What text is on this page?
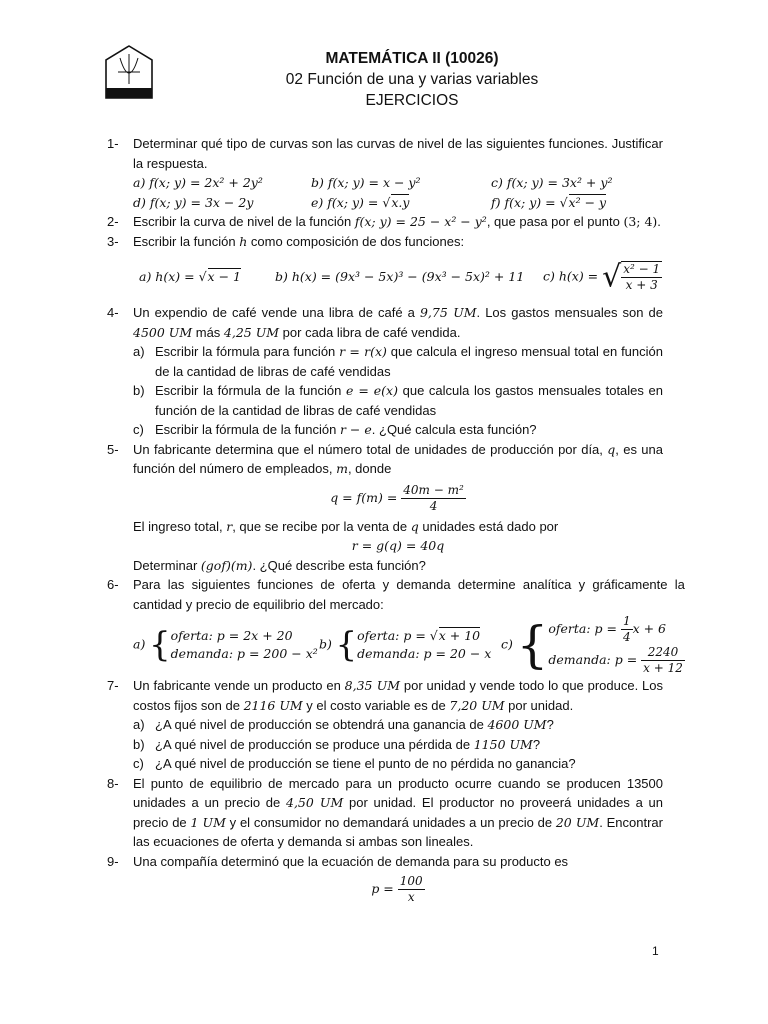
MATEMÁTICA II (10026)
02 Función de una y varias variables
EJERCICIOS
1-	Determinar qué tipo de curvas son las curvas de nivel de las siguientes funciones. Justificar la respuesta.
a) f(x; y) = 2x² + 2y²	b) f(x; y) = x − y²	c) f(x; y) = 3x² + y²
d) f(x; y) = 3x − 2y	e) f(x; y) = √x.y	f) f(x; y) = √x² − y
2-	Escribir la curva de nivel de la función f(x; y) = 25 − x² − y², que pasa por el punto (3; 4).
3-	Escribir la función h como composición de dos funciones:
a) h(x) = √x − 1	b) h(x) = (9x³ − 5x)³ − (9x³ − 5x)² + 11	c) h(x) = √ $\frac{\text{x² − 1}}{x + 3}$
4-	Un expendio de café vende una libra de café a 9,75 UM. Los gastos mensuales son de 4500 UM más 4,25 UM por cada libra de café vendida.
a) Escribir la fórmula para función r = r(x) que calcula el ingreso mensual total en función de la cantidad de libras de café vendidas
b) Escribir la fórmula de la función e = e(x) que calcula los gastos mensuales totales en función de la cantidad de libras de café vendidas
c) Escribir la fórmula de la función r − e. ¿Qué calcula esta función?
5-	Un fabricante determina que el número total de unidades de producción por día, q, es una función del número de empleados, m, donde
$q = f(m) = \frac{\text{40m − m²}}{4}$
El ingreso total, r, que se recibe por la venta de q unidades está dado por
r = g(q) = 40q
Determinar (gof)(m). ¿Qué describe esta función?
6-	Para las siguientes funciones de oferta y demanda determine analítica y gráficamente la cantidad y precio de equilibrio del mercado:
a) { oferta: p = 2x + 20
demanda: p = 200 − x²
b) { oferta: p = √x + 10
demanda: p = 20 − x
c) { oferta: $p = \frac{1}{4}$ x + 6
demanda: $p = \frac{2240}{x + 12}$
7-	Un fabricante vende un producto en 8,35 UM por unidad y vende todo lo que produce. Los costos fijos son de 2116 UM y el costo variable es de 7,20 UM por unidad.
a) ¿A qué nivel de producción se obtendrá una ganancia de 4600 UM?
b) ¿A qué nivel de producción se produce una pérdida de 1150 UM?
c) ¿A qué nivel de producción se tiene el punto de no pérdida no ganancia?
8-	El punto de equilibrio de mercado para un producto ocurre cuando se producen 13500 unidades a un precio de 4,50 UM por unidad. El productor no proveerá unidades a un precio de 1 UM y el consumidor no demandará unidades a un precio de 20 UM. Encontrar las ecuaciones de oferta y demanda si ambas son lineales.
9-	Una compañía determinó que la ecuación de demanda para su producto es
$p = \frac{100}{x}$
1
